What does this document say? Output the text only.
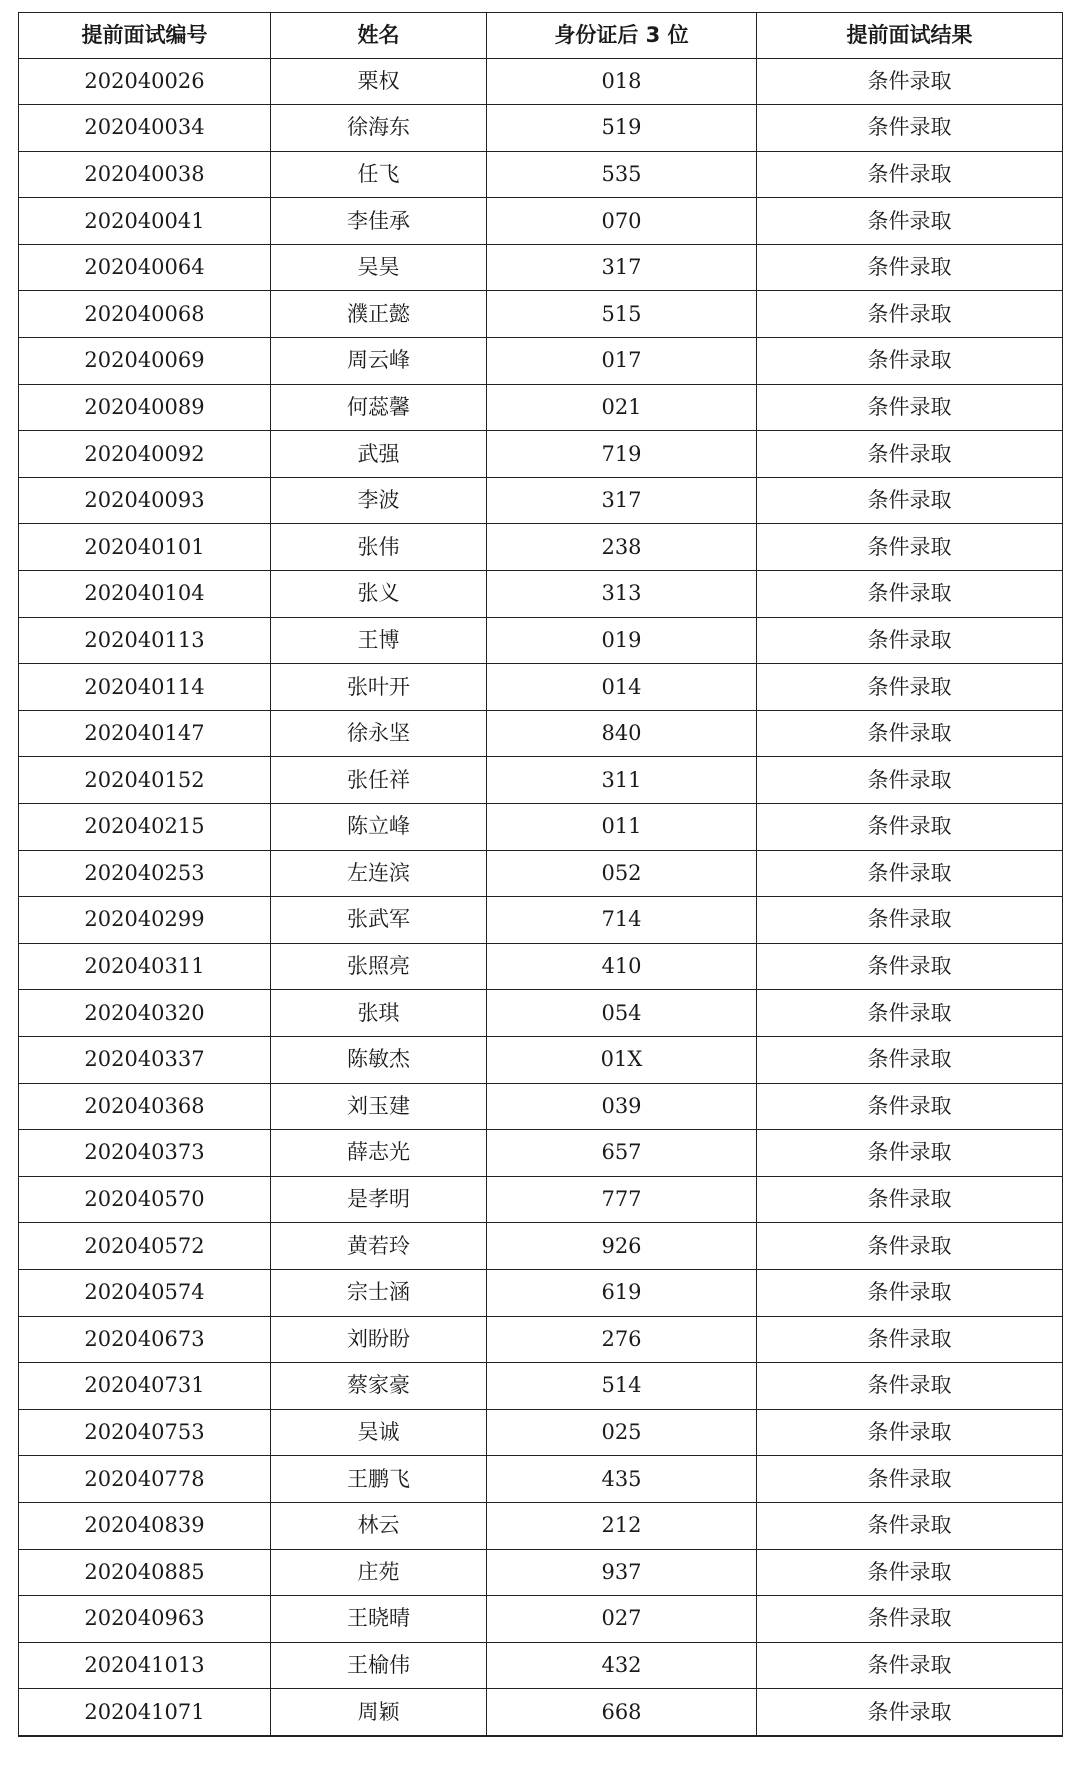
提前面试编号	姓名	身份证后 3 位	提前面试结果
202040026	栗权	018	条件录取
202040034	徐海东	519	条件录取
202040038	任飞	535	条件录取
202040041	李佳承	070	条件录取
202040064	吴昊	317	条件录取
202040068	濮正懿	515	条件录取
202040069	周云峰	017	条件录取
202040089	何蕊馨	021	条件录取
202040092	武强	719	条件录取
202040093	李波	317	条件录取
202040101	张伟	238	条件录取
202040104	张义	313	条件录取
202040113	王博	019	条件录取
202040114	张叶开	014	条件录取
202040147	徐永坚	840	条件录取
202040152	张任祥	311	条件录取
202040215	陈立峰	011	条件录取
202040253	左连滨	052	条件录取
202040299	张武军	714	条件录取
202040311	张照亮	410	条件录取
202040320	张琪	054	条件录取
202040337	陈敏杰	01X	条件录取
202040368	刘玉建	039	条件录取
202040373	薛志光	657	条件录取
202040570	是孝明	777	条件录取
202040572	黄若玲	926	条件录取
202040574	宗士涵	619	条件录取
202040673	刘盼盼	276	条件录取
202040731	蔡家豪	514	条件录取
202040753	吴诚	025	条件录取
202040778	王鹏飞	435	条件录取
202040839	林云	212	条件录取
202040885	庄苑	937	条件录取
202040963	王晓晴	027	条件录取
202041013	王榆伟	432	条件录取
202041071	周颖	668	条件录取
